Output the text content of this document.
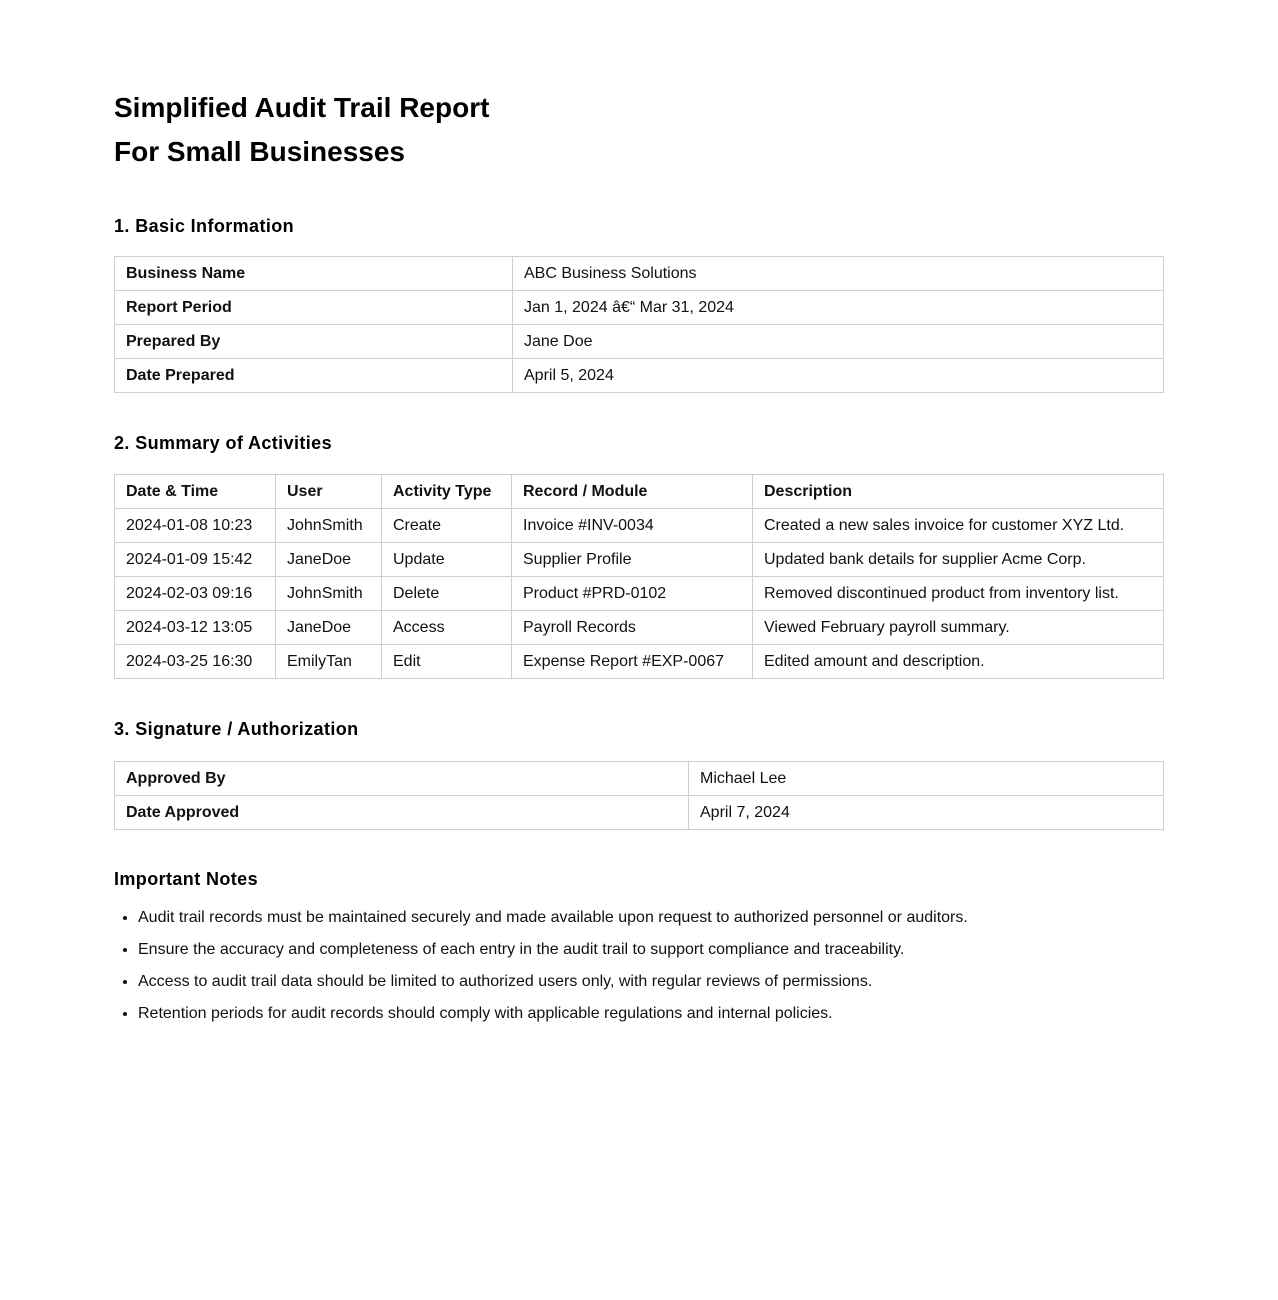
Simplified Audit Trail Report
For Small Businesses
1. Basic Information
Business Name	ABC Business Solutions
Report Period	Jan 1, 2024 â€“ Mar 31, 2024
Prepared By	Jane Doe
Date Prepared	April 5, 2024
2. Summary of Activities
Date & Time	User	Activity Type	Record / Module	Description
2024-01-08 10:23	JohnSmith	Create	Invoice #INV-0034	Created a new sales invoice for customer XYZ Ltd.
2024-01-09 15:42	JaneDoe	Update	Supplier Profile	Updated bank details for supplier Acme Corp.
2024-02-03 09:16	JohnSmith	Delete	Product #PRD-0102	Removed discontinued product from inventory list.
2024-03-12 13:05	JaneDoe	Access	Payroll Records	Viewed February payroll summary.
2024-03-25 16:30	EmilyTan	Edit	Expense Report #EXP-0067	Edited amount and description.
3. Signature / Authorization
Approved By	Michael Lee
Date Approved	April 7, 2024
Important Notes
• Audit trail records must be maintained securely and made available upon request to authorized personnel or auditors.
• Ensure the accuracy and completeness of each entry in the audit trail to support compliance and traceability.
• Access to audit trail data should be limited to authorized users only, with regular reviews of permissions.
• Retention periods for audit records should comply with applicable regulations and internal policies.
